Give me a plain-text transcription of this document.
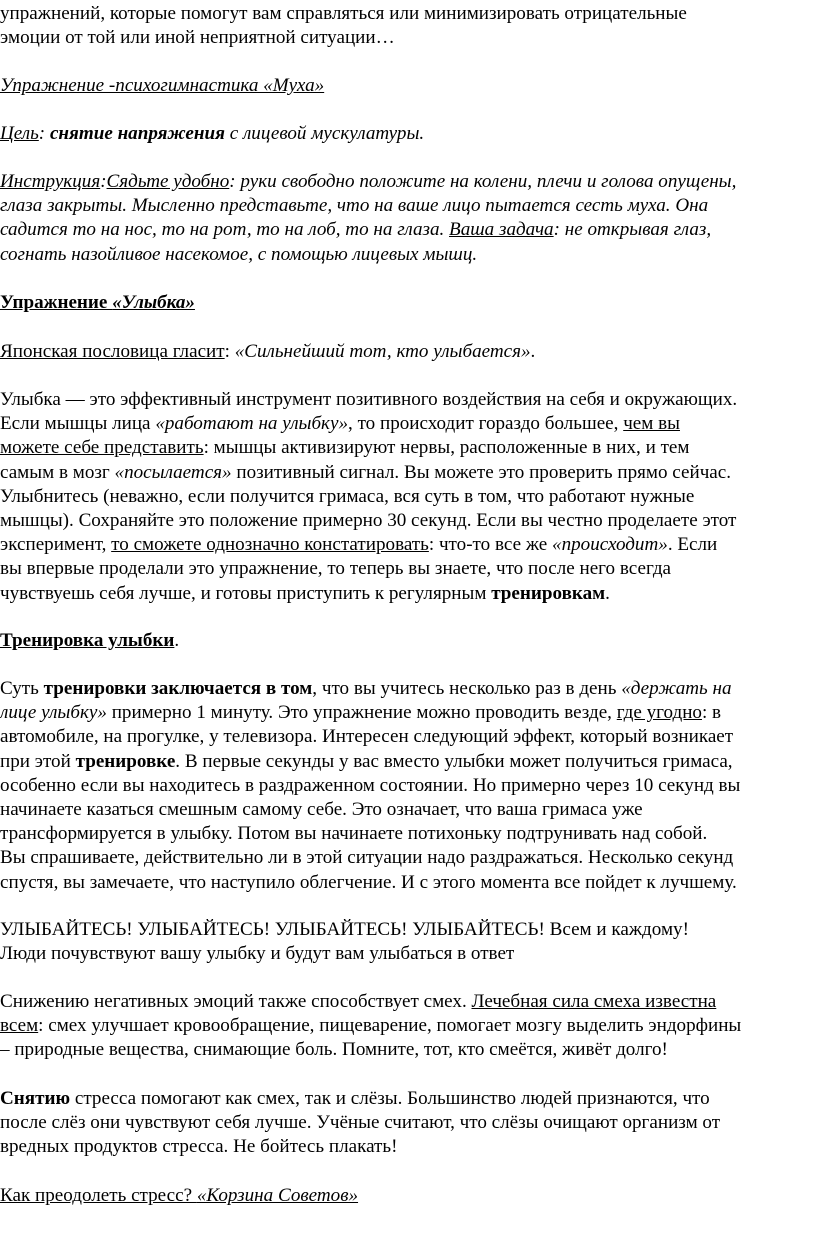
упражнений, которые помогут вам справляться или минимизировать отрицательные
эмоции от той или иной неприятной ситуации…

Упражнение -психогимнастика «Муха»

Цель: снятие напряжения с лицевой мускулатуры.

Инструкция:Сядьте удобно: руки свободно положите на колени, плечи и голова опущены,
глаза закрыты. Мысленно представьте, что на ваше лицо пытается сесть муха. Она
садится то на нос, то на рот, то на лоб, то на глаза. Ваша задача: не открывая глаз,
согнать назойливое насекомое, с помощью лицевых мышц.

Упражнение «Улыбка»

Японская пословица гласит: «Сильнейший тот, кто улыбается».

Улыбка — это эффективный инструмент позитивного воздействия на себя и окружающих.
Если мышцы лица «работают на улыбку», то происходит гораздо большее, чем вы
можете себе представить: мышцы активизируют нервы, расположенные в них, и тем
самым в мозг «посылается» позитивный сигнал. Вы можете это проверить прямо сейчас.
Улыбнитесь (неважно, если получится гримаса, вся суть в том, что работают нужные
мышцы). Сохраняйте это положение примерно 30 секунд. Если вы честно проделаете этот
эксперимент, то сможете однозначно констатировать: что-то все же «происходит». Если
вы впервые проделали это упражнение, то теперь вы знаете, что после него всегда
чувствуешь себя лучше, и готовы приступить к регулярным тренировкам.

Тренировка улыбки.

Суть тренировки заключается в том, что вы учитесь несколько раз в день «держать на
лице улыбку» примерно 1 минуту. Это упражнение можно проводить везде, где угодно: в
автомобиле, на прогулке, у телевизора. Интересен следующий эффект, который возникает
при этой тренировке. В первые секунды у вас вместо улыбки может получиться гримаса,
особенно если вы находитесь в раздраженном состоянии. Но примерно через 10 секунд вы
начинаете казаться смешным самому себе. Это означает, что ваша гримаса уже
трансформируется в улыбку. Потом вы начинаете потихоньку подтрунивать над собой.
Вы спрашиваете, действительно ли в этой ситуации надо раздражаться. Несколько секунд
спустя, вы замечаете, что наступило облегчение. И с этого момента все пойдет к лучшему.

УЛЫБАЙТЕСЬ! УЛЫБАЙТЕСЬ! УЛЫБАЙТЕСЬ! УЛЫБАЙТЕСЬ! Всем и каждому!
Люди почувствуют вашу улыбку и будут вам улыбаться в ответ

Снижению негативных эмоций также способствует смех. Лечебная сила смеха известна
всем: смех улучшает кровообращение, пищеварение, помогает мозгу выделить эндорфины
– природные вещества, снимающие боль. Помните, тот, кто смеётся, живёт долго!

Снятию стресса помогают как смех, так и слёзы. Большинство людей признаются, что
после слёз они чувствуют себя лучше. Учёные считают, что слёзы очищают организм от
вредных продуктов стресса. Не бойтесь плакать!

Как преодолеть стресс? «Корзина Советов»
